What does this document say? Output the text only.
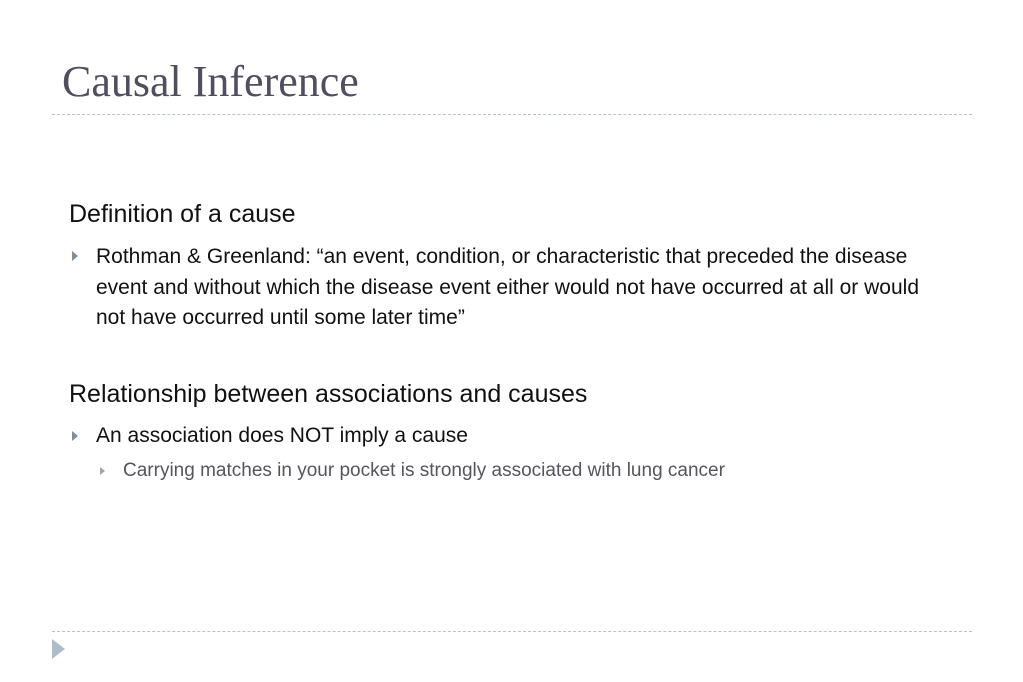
Causal Inference
Definition of a cause
Rothman & Greenland: “an event, condition, or characteristic that preceded the disease event and without which the disease event either would not have occurred at all or would not have occurred until some later time”
Relationship between associations and causes
An association does NOT imply a cause
Carrying matches in your pocket is strongly associated with lung cancer
